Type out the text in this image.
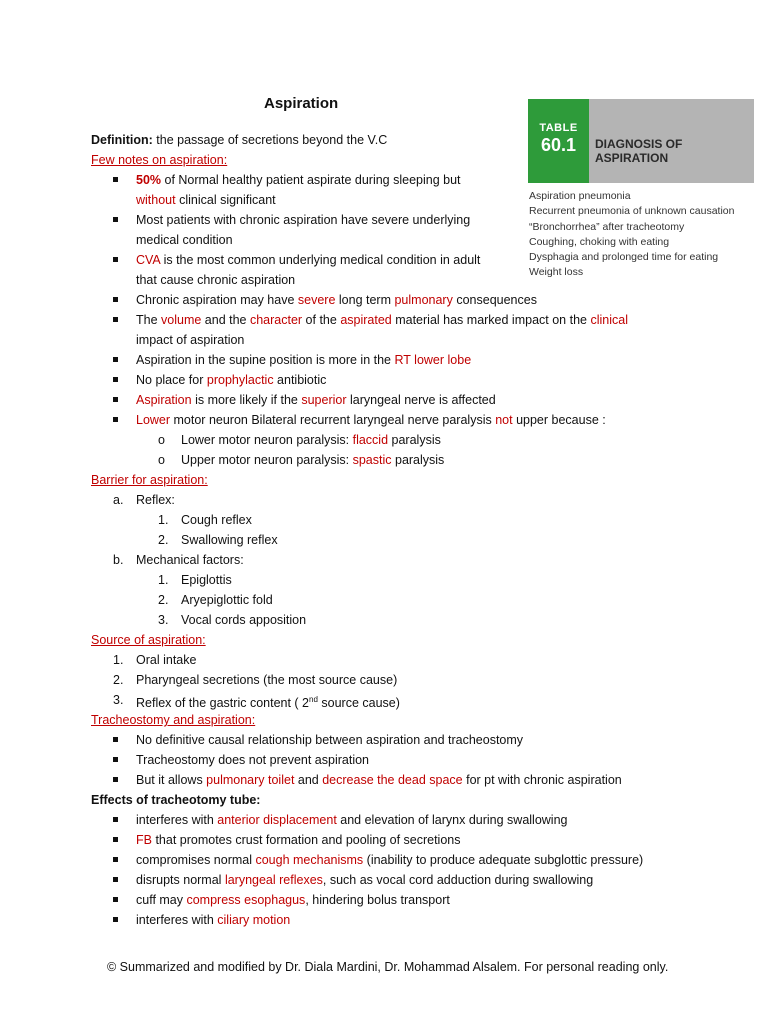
Aspiration
TABLE
60.1	DIAGNOSIS OF ASPIRATION
Aspiration pneumonia
Recurrent pneumonia of unknown causation
“Bronchorrhea” after tracheotomy
Coughing, choking with eating
Dysphagia and prolonged time for eating
Weight loss
Definition: the passage of secretions beyond the V.C
Few notes on aspiration:
50% of Normal healthy patient aspirate during sleeping but
without clinical significant
Most patients with chronic aspiration have severe underlying
medical condition
CVA is the most common underlying medical condition in adult
that cause chronic aspiration
Chronic aspiration may have severe long term pulmonary consequences
The volume and the character of the aspirated material has marked impact on the clinical
impact of aspiration
Aspiration in the supine position is more in the RT lower lobe
No place for prophylactic antibiotic
Aspiration is more likely if the superior laryngeal nerve is affected
Lower motor neuron Bilateral recurrent laryngeal nerve paralysis not upper because :
o Lower motor neuron paralysis: flaccid paralysis
o Upper motor neuron paralysis: spastic paralysis
Barrier for aspiration:
a. Reflex:
1. Cough reflex
2. Swallowing reflex
b. Mechanical factors:
1. Epiglottis
2. Aryepiglottic fold
3. Vocal cords apposition
Source of aspiration:
1. Oral intake
2. Pharyngeal secretions (the most source cause)
3. Reflex of the gastric content ( 2nd source cause)
Tracheostomy and aspiration:
No definitive causal relationship between aspiration and tracheostomy
Tracheostomy does not prevent aspiration
But it allows pulmonary toilet and decrease the dead space for pt with chronic aspiration
Effects of tracheotomy tube:
interferes with anterior displacement and elevation of larynx during swallowing
FB that promotes crust formation and pooling of secretions
compromises normal cough mechanisms (inability to produce adequate subglottic pressure)
disrupts normal laryngeal reflexes, such as vocal cord adduction during swallowing
cuff may compress esophagus, hindering bolus transport
interferes with ciliary motion
© Summarized and modified by Dr. Diala Mardini, Dr. Mohammad Alsalem. For personal reading only.
